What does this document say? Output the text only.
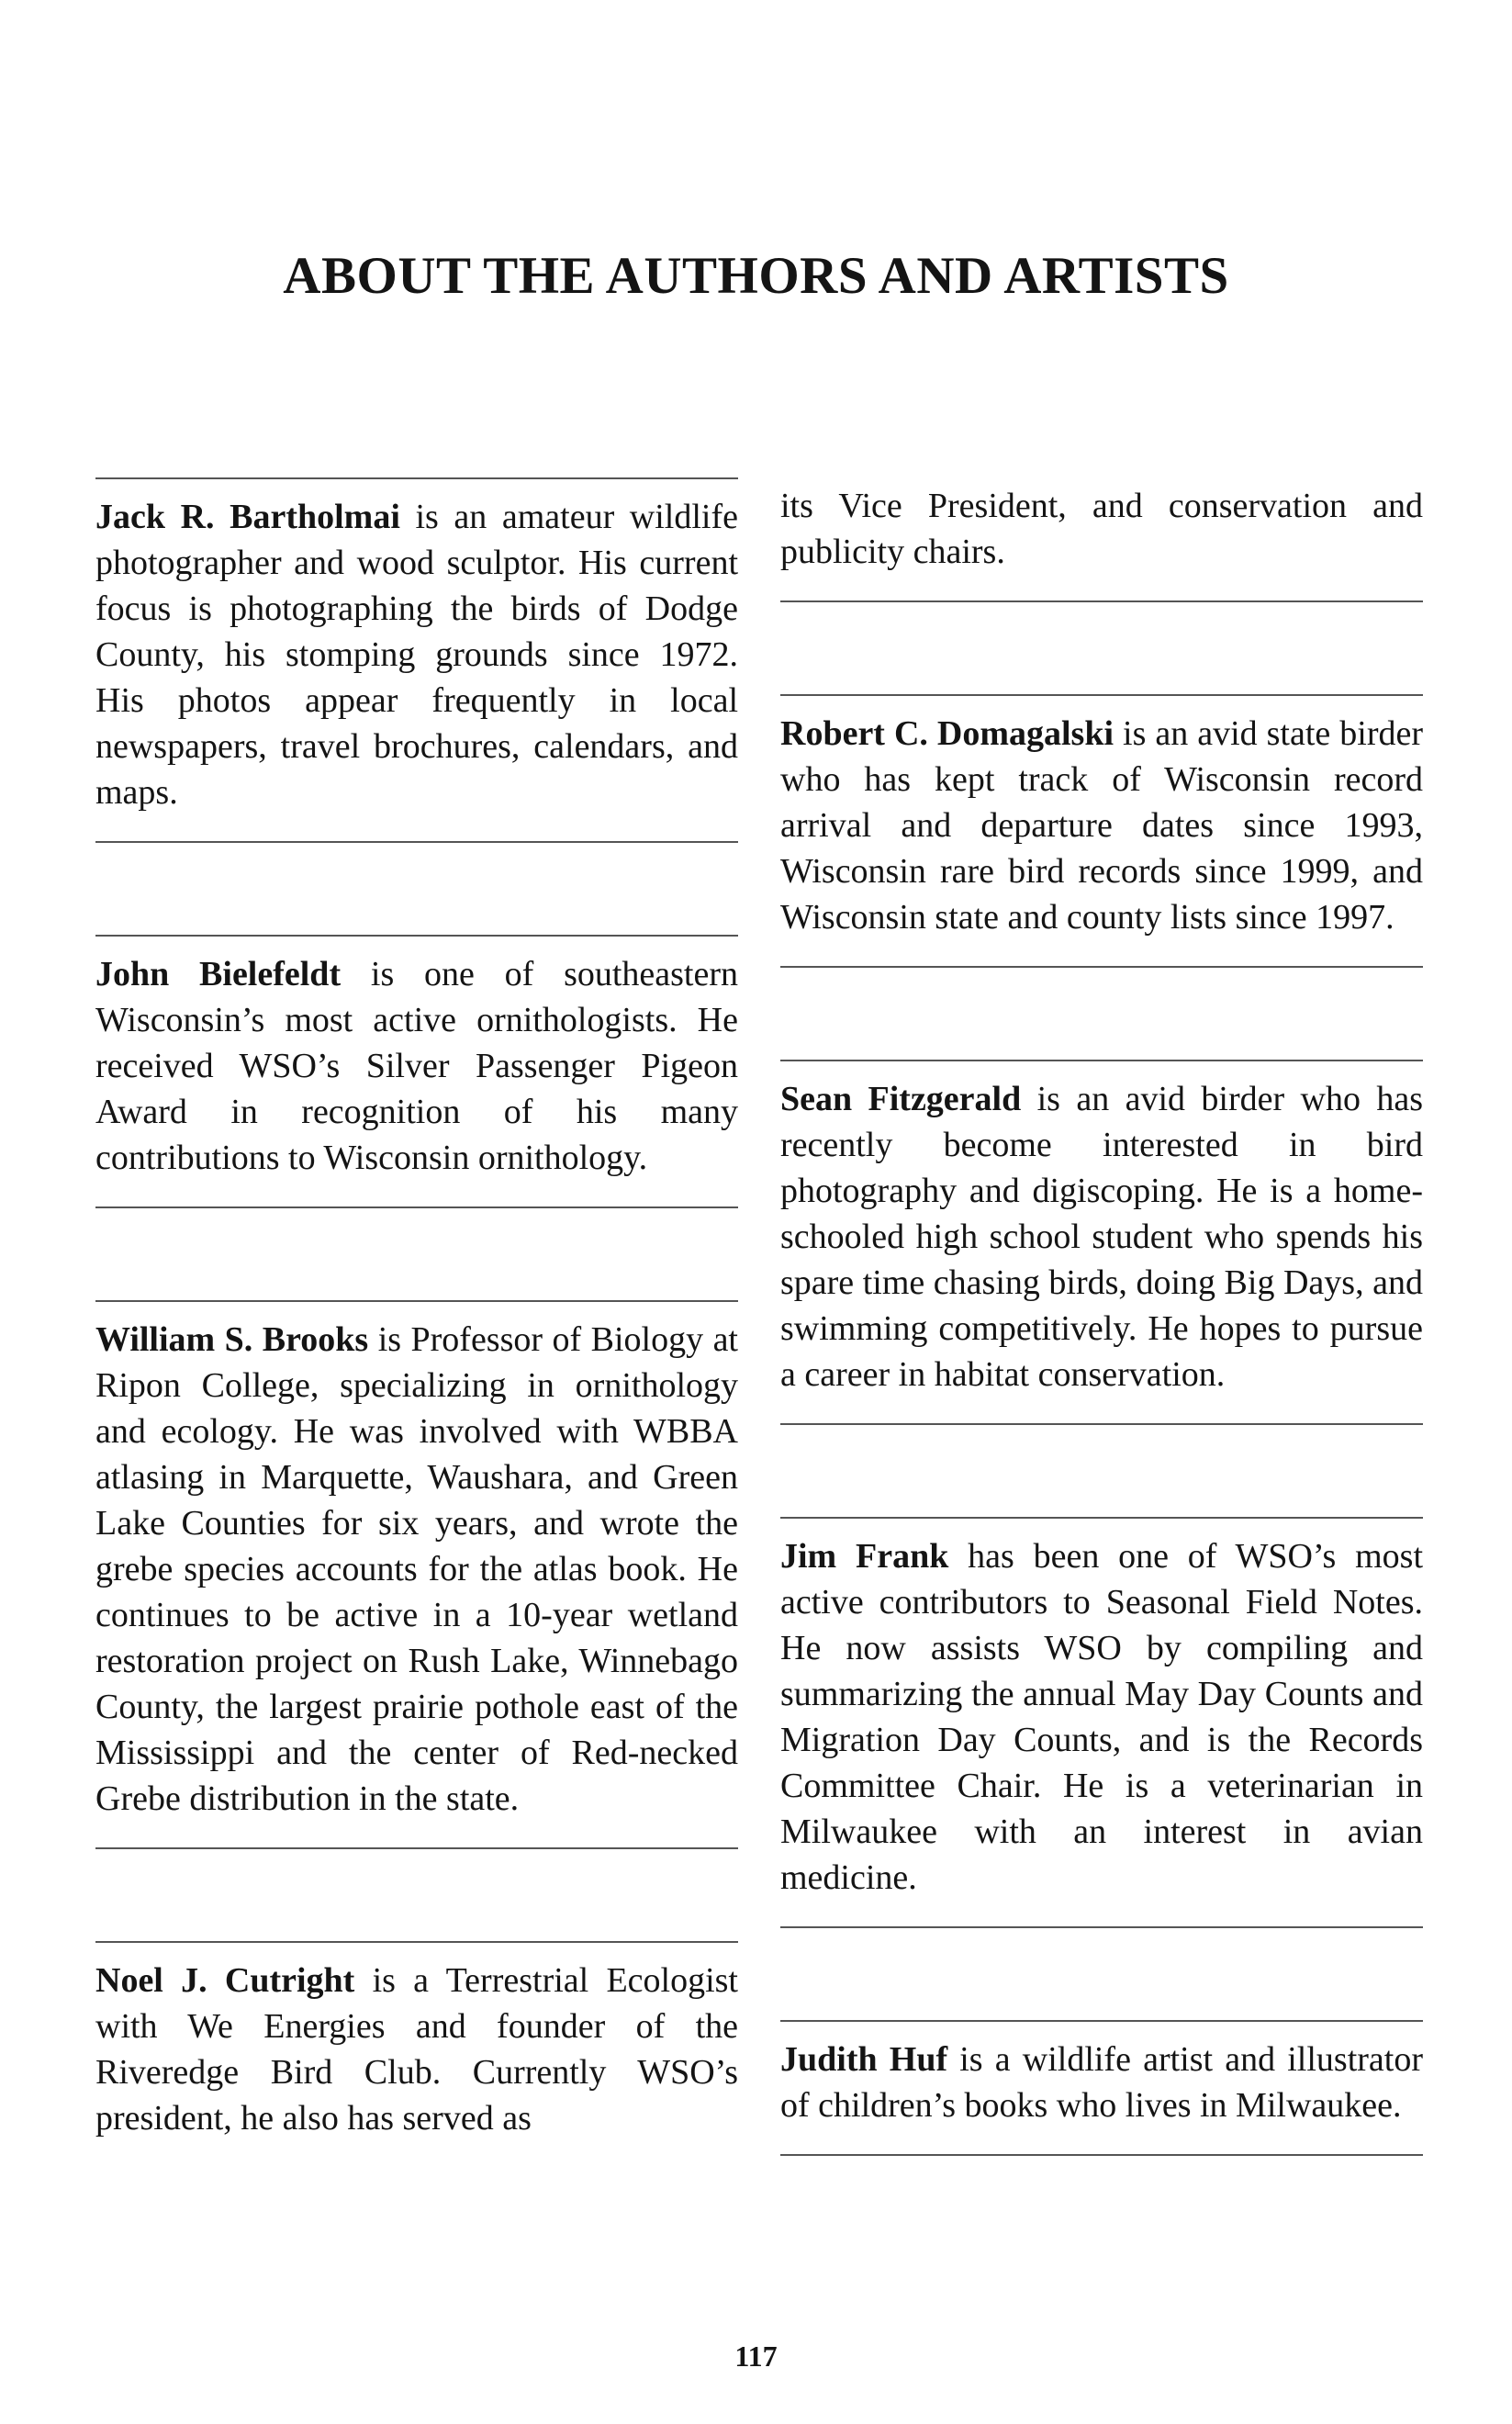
ABOUT THE AUTHORS AND ARTISTS

Jack R. Bartholmai is an amateur wildlife photographer and wood sculptor. His current focus is photographing the birds of Dodge County, his stomping grounds since 1972. His photos appear frequently in local newspapers, travel brochures, calendars, and maps.

John Bielefeldt is one of southeastern Wisconsin’s most active ornithologists. He received WSO’s Silver Passenger Pigeon Award in recognition of his many contributions to Wisconsin ornithology.

William S. Brooks is Professor of Biology at Ripon College, specializing in ornithology and ecology. He was involved with WBBA atlasing in Marquette, Waushara, and Green Lake Counties for six years, and wrote the grebe species accounts for the atlas book. He continues to be active in a 10-year wetland restoration project on Rush Lake, Winnebago County, the largest prairie pothole east of the Mississippi and the center of Red-necked Grebe distribution in the state.

Noel J. Cutright is a Terrestrial Ecologist with We Energies and founder of the Riveredge Bird Club. Currently WSO’s president, he also has served as

its Vice President, and conservation and publicity chairs.

Robert C. Domagalski is an avid state birder who has kept track of Wisconsin record arrival and departure dates since 1993, Wisconsin rare bird records since 1999, and Wisconsin state and county lists since 1997.

Sean Fitzgerald is an avid birder who has recently become interested in bird photography and digiscoping. He is a home-schooled high school student who spends his spare time chasing birds, doing Big Days, and swimming competitively. He hopes to pursue a career in habitat conservation.

Jim Frank has been one of WSO’s most active contributors to Seasonal Field Notes. He now assists WSO by compiling and summarizing the annual May Day Counts and Migration Day Counts, and is the Records Committee Chair. He is a veterinarian in Milwaukee with an interest in avian medicine.

Judith Huf is a wildlife artist and illustrator of children’s books who lives in Milwaukee.

117
